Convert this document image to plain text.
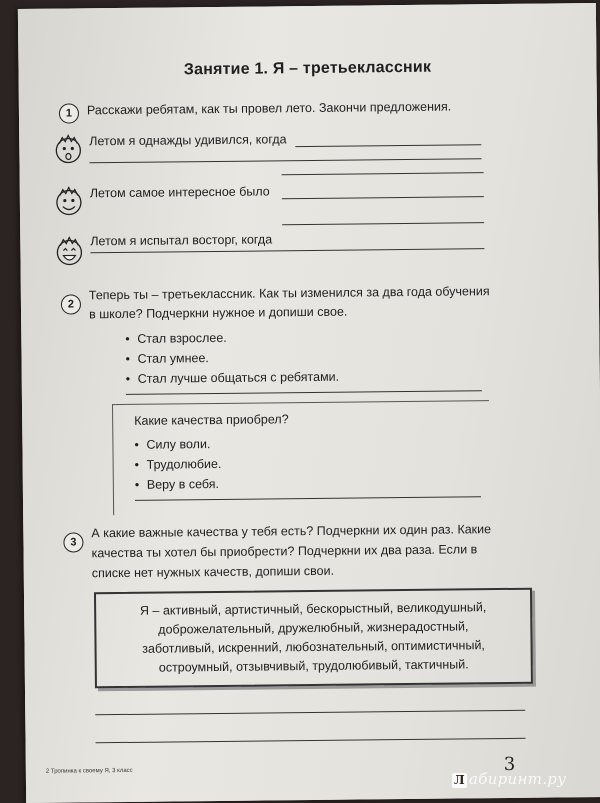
Занятие 1. Я – третьеклассник
1	Расскажи ребятам, как ты провел лето. Закончи предложения.
Летом я однажды удивился, когда
Летом самое интересное было
Летом я испытал восторг, когда
2
Теперь ты – третьеклассник. Как ты изменился за два года обучения
в школе? Подчеркни нужное и допиши свое.
• Стал взрослее.
• Стал умнее.
• Стал лучше общаться с ребятами.
Какие качества приобрел?
• Силу воли.
• Трудолюбие.
• Веру в себя.
3
А какие важные качества у тебя есть? Подчеркни их один раз. Какие
качества ты хотел бы приобрести? Подчеркни их два раза. Если в
списке нет нужных качеств, допиши свои.
Я – активный, артистичный, бескорыстный, великодушный,
доброжелательный, дружелюбный, жизнерадостный,
заботливый, искренний, любознательный, оптимистичный,
остроумный, отзывчивый, трудолюбивый, тактичный.
2 Тропинка к своему Я, 3 класс	3
Л абиринт.ру
